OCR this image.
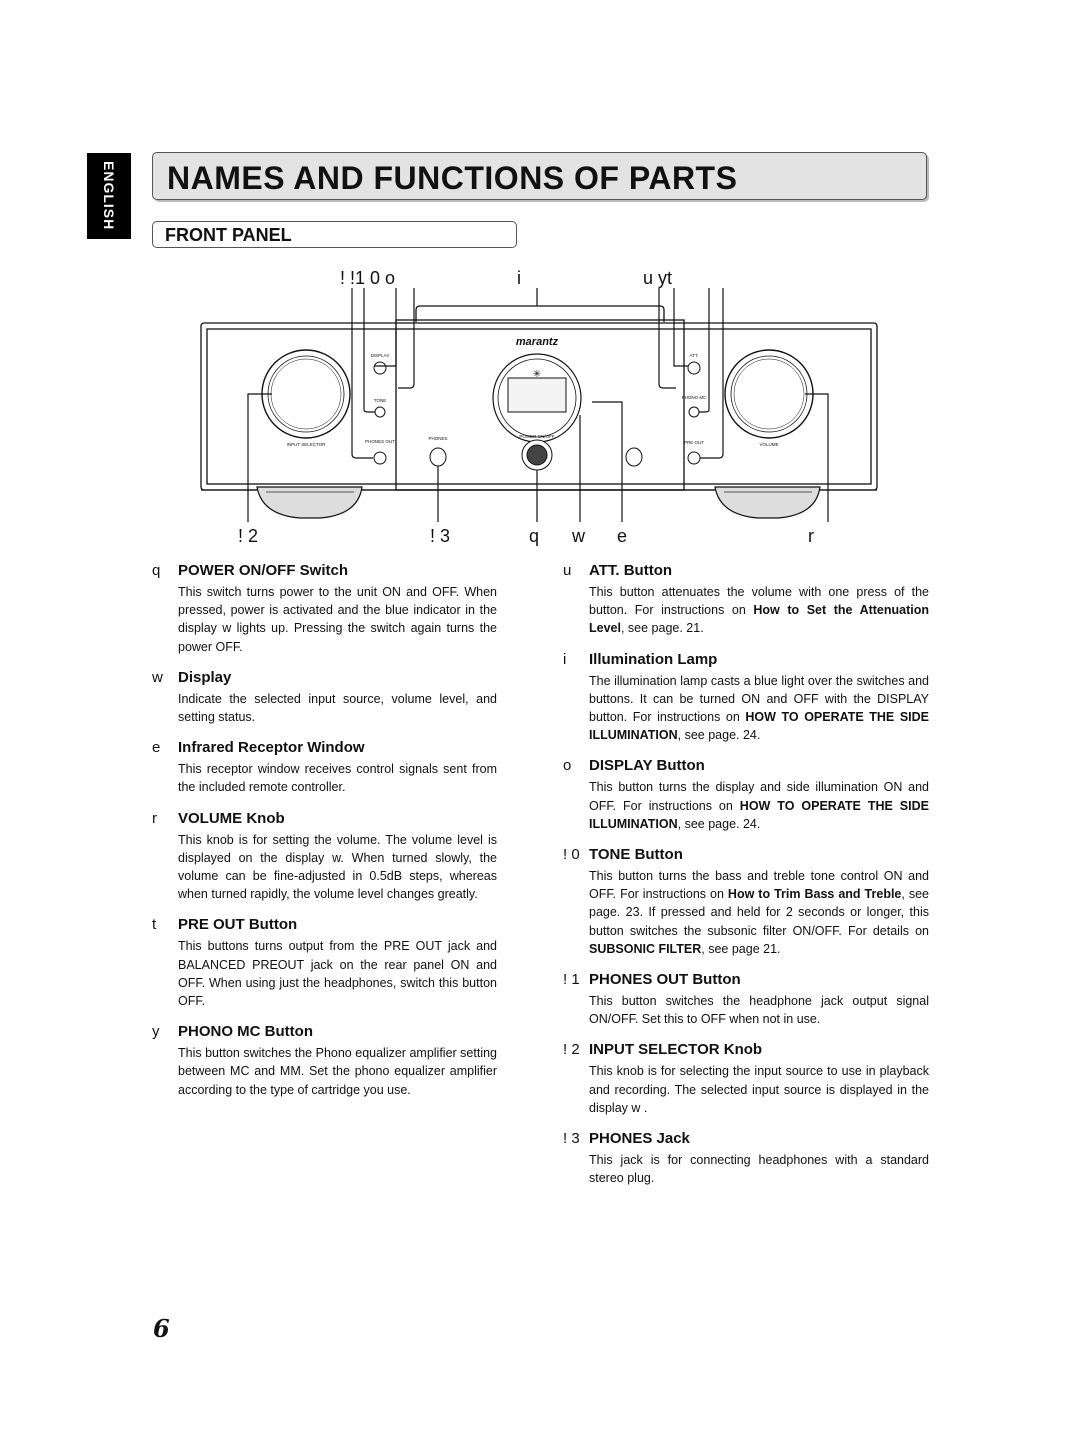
ENGLISH NAMES AND FUNCTIONS OF PARTS
FRONT PANEL
! !1 0 o	i	u yt
! 2	! 3	q w e	r
✳
marantz
DISPLAY
TONE
PHONES OUT
INPUT SELECTOR
PHONES	POWER ON/OFF
ATT.
PHONO MC
PRE OUT	VOLUME
q	POWER ON/OFF Switch

This switch turns power to the unit ON and OFF. When pressed, power is activated and the blue indicator in the display w lights up. Pressing the switch again turns the power OFF.

w	Display

Indicate the selected input source, volume level, and setting status.

e	Infrared Receptor Window

This receptor window receives control signals sent from the included remote controller.

r	VOLUME Knob

This knob is for setting the volume. The volume level is displayed on the display w. When turned slowly, the volume can be fine-adjusted in 0.5dB steps, whereas when turned rapidly, the volume level changes greatly.

t	PRE OUT Button

This buttons turns output from the PRE OUT jack and BALANCED PREOUT jack on the rear panel ON and OFF. When using just the headphones, switch this button OFF.

y	PHONO MC Button

This button switches the Phono equalizer amplifier setting between MC and MM. Set the phono equalizer amplifier according to the type of cartridge you use.

u	ATT. Button

This button attenuates the volume with one press of the button. For instructions on How to Set the Attenuation Level, see page. 21.

i	Illumination Lamp

The illumination lamp casts a blue light over the switches and buttons. It can be turned ON and OFF with the DISPLAY button. For instructions on HOW TO OPERATE THE SIDE ILLUMINATION, see page. 24.

o	DISPLAY Button

This button turns the display and side illumination ON and OFF. For instructions on HOW TO OPERATE THE SIDE ILLUMINATION, see page. 24.

! 0 TONE Button

This button turns the bass and treble tone control ON and OFF. For instructions on How to Trim Bass and Treble, see page. 23. If pressed and held for 2 seconds or longer, this button switches the subsonic filter ON/OFF. For details on SUBSONIC FILTER, see page 21.

! 1 PHONES OUT Button

This button switches the headphone jack output signal ON/OFF. Set this to OFF when not in use.

! 2 INPUT SELECTOR Knob

This knob is for selecting the input source to use in playback and recording. The selected input source is displayed in the display w .

! 3 PHONES Jack

This jack is for connecting headphones with a standard stereo plug.

6
